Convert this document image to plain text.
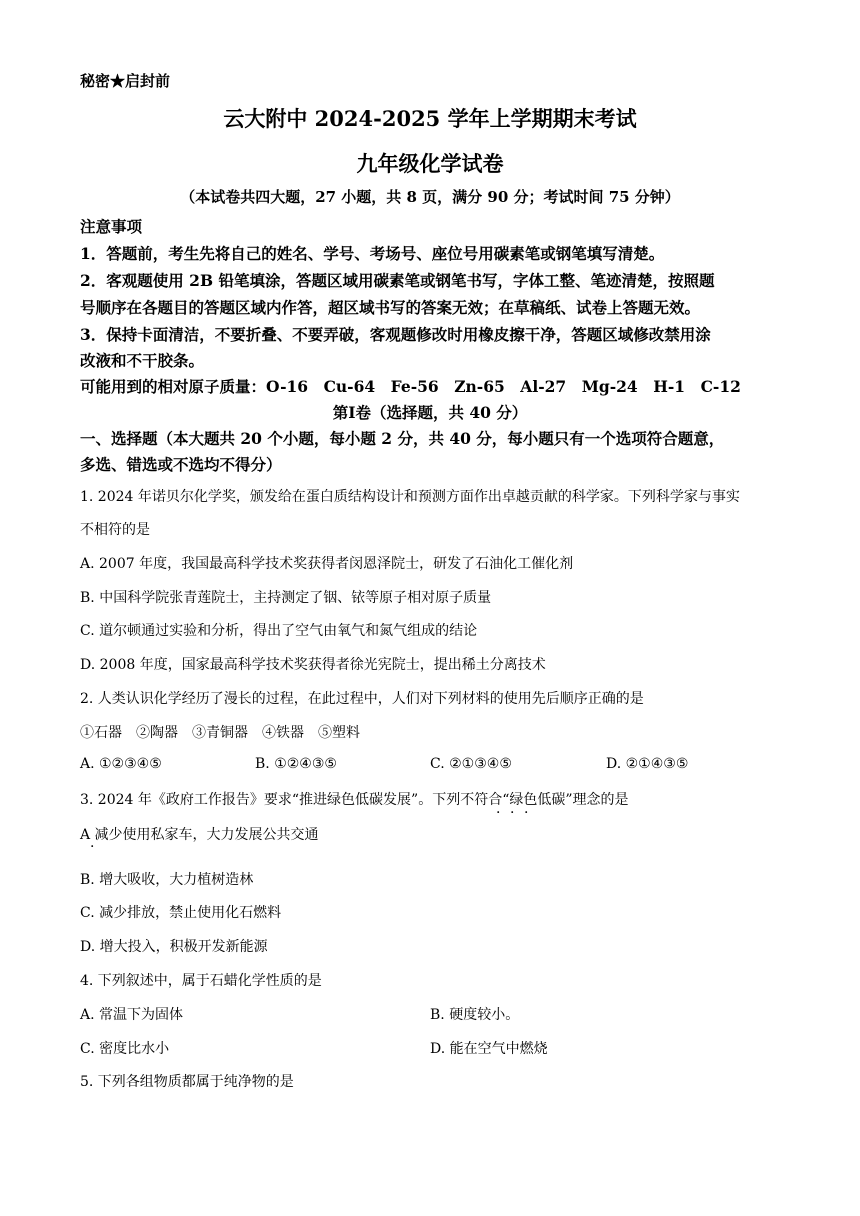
秘密★启封前
云大附中 2024-2025 学年上学期期末考试
九年级化学试卷
（本试卷共四大题，27 小题，共 8 页，满分 90 分；考试时间 75 分钟）
注意事项
1．答题前，考生先将自己的姓名、学号、考场号、座位号用碳素笔或钢笔填写清楚。
2．客观题使用 2B 铅笔填涂，答题区域用碳素笔或钢笔书写，字体工整、笔迹清楚，按照题
号顺序在各题目的答题区域内作答，超区域书写的答案无效；在草稿纸、试卷上答题无效。
3．保持卡面清洁，不要折叠、不要弄破，客观题修改时用橡皮擦干净，答题区域修改禁用涂
改液和不干胶条。
可能用到的相对原子质量：O-16　Cu-64　Fe-56　Zn-65　Al-27　Mg-24　H-1　C-12
第Ⅰ卷（选择题，共 40 分）
一、选择题（本大题共 20 个小题，每小题 2 分，共 40 分，每小题只有一个选项符合题意，
多选、错选或不选均不得分）
1. 2024 年诺贝尔化学奖，颁发给在蛋白质结构设计和预测方面作出卓越贡献的科学家。下列科学家与事实
不相符的是
A. 2007 年度，我国最高科学技术奖获得者闵恩泽院士，研发了石油化工催化剂
B. 中国科学院张青莲院士，主持测定了铟、铱等原子相对原子质量
C. 道尔顿通过实验和分析，得出了空气由氧气和氮气组成的结论
D. 2008 年度，国家最高科学技术奖获得者徐光宪院士，提出稀土分离技术
2. 人类认识化学经历了漫长的过程，在此过程中，人们对下列材料的使用先后顺序正确的是
①石器　②陶器　③青铜器　④铁器　⑤塑料
A. ①②③④⑤	B. ①②④③⑤	C. ②①③④⑤	D. ②①④③⑤
3. 2024 年《政府工作报告》要求“推进绿色低碳发展”。下列不符合“绿色低碳”理念的是
· · ·
A 减少使用私家车，大力发展公共交通
·
B. 增大吸收，大力植树造林
C. 减少排放，禁止使用化石燃料
D. 增大投入，积极开发新能源
4. 下列叙述中，属于石蜡化学性质的是
A. 常温下为固体	B. 硬度较小。
C. 密度比水小	D. 能在空气中燃烧
5. 下列各组物质都属于纯净物的是
